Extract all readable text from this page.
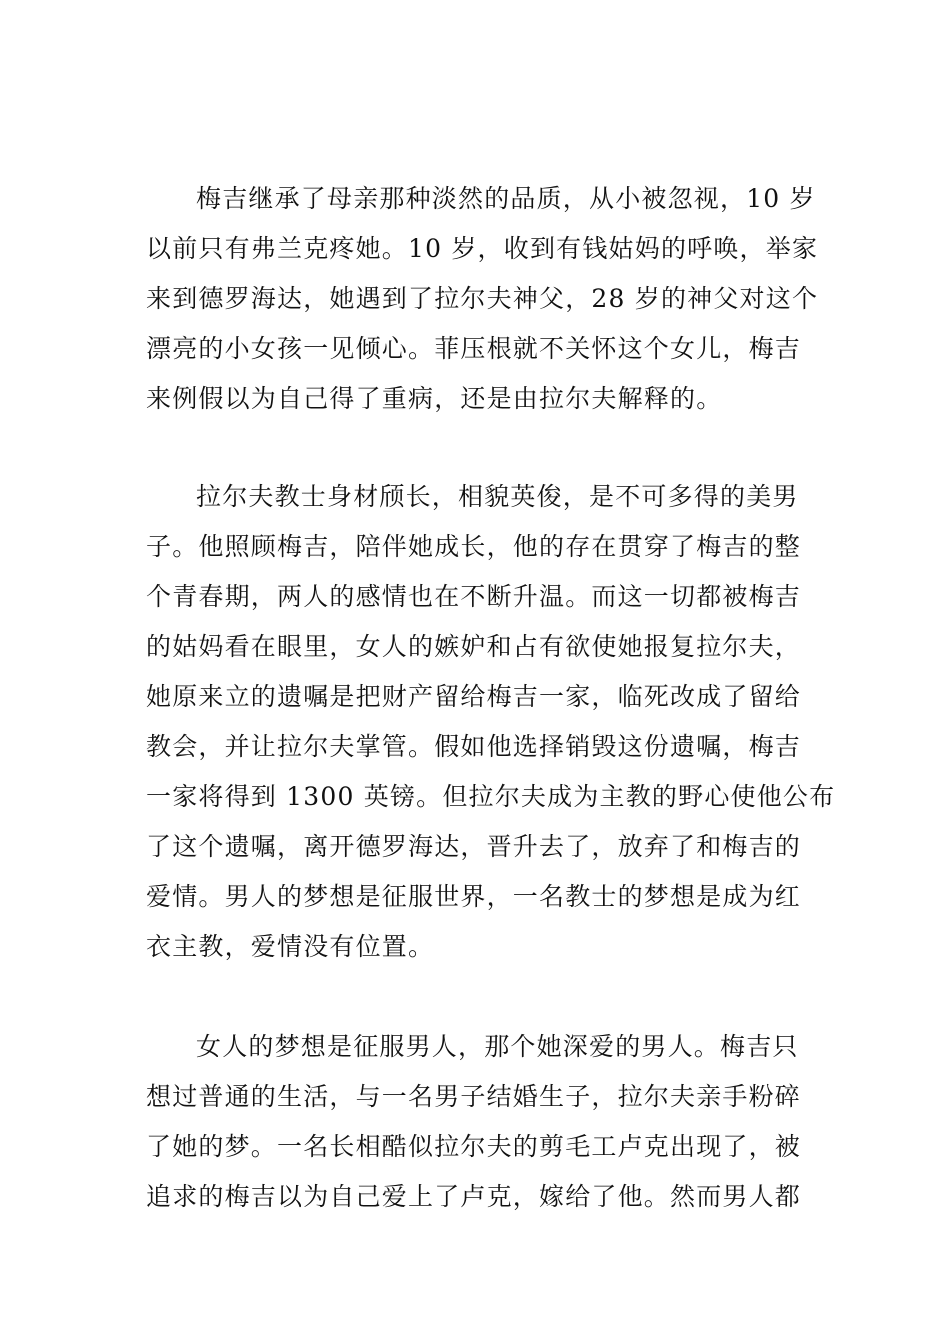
梅吉继承了母亲那种淡然的品质，从小被忽视，10 岁
以前只有弗兰克疼她。10 岁，收到有钱姑妈的呼唤，举家
来到德罗海达，她遇到了拉尔夫神父，28 岁的神父对这个
漂亮的小女孩一见倾心。菲压根就不关怀这个女儿，梅吉
来例假以为自己得了重病，还是由拉尔夫解释的。
拉尔夫教士身材颀长，相貌英俊，是不可多得的美男
子。他照顾梅吉，陪伴她成长，他的存在贯穿了梅吉的整
个青春期，两人的感情也在不断升温。而这一切都被梅吉
的姑妈看在眼里，女人的嫉妒和占有欲使她报复拉尔夫，
她原来立的遗嘱是把财产留给梅吉一家，临死改成了留给
教会，并让拉尔夫掌管。假如他选择销毁这份遗嘱，梅吉
一家将得到 1300 英镑。但拉尔夫成为主教的野心使他公布
了这个遗嘱，离开德罗海达，晋升去了，放弃了和梅吉的
爱情。男人的梦想是征服世界，一名教士的梦想是成为红
衣主教，爱情没有位置。
女人的梦想是征服男人，那个她深爱的男人。梅吉只
想过普通的生活，与一名男子结婚生子，拉尔夫亲手粉碎
了她的梦。一名长相酷似拉尔夫的剪毛工卢克出现了，被
追求的梅吉以为自己爱上了卢克，嫁给了他。然而男人都
